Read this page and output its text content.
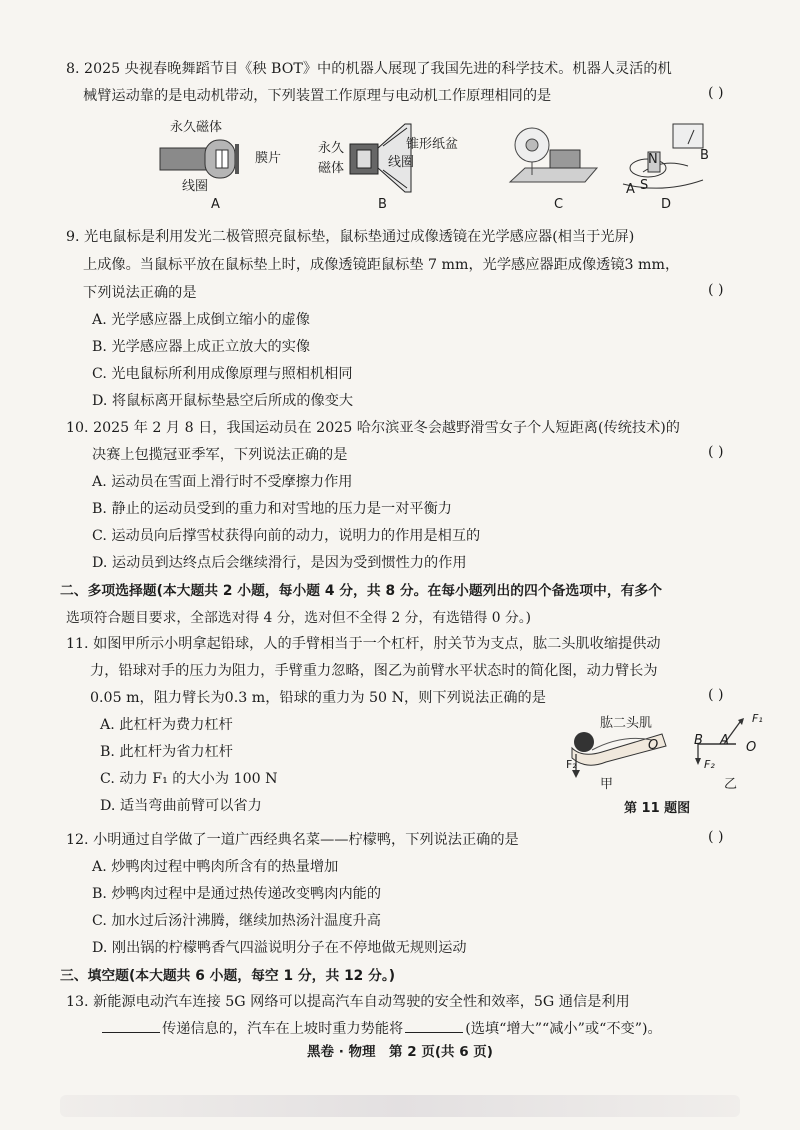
8. 2025 央视春晚舞蹈节目《秧 BOT》中的机器人展现了我国先进的科学技术。机器人灵活的机
械臂运动靠的是电动机带动，下列装置工作原理与电动机工作原理相同的是	( )
永久磁体
膜片
线圈
A
永久
磁体
锥形纸盆
线圈
B	C
N
S
A
B
D
9. 光电鼠标是利用发光二极管照亮鼠标垫，鼠标垫通过成像透镜在光学感应器(相当于光屏)
上成像。当鼠标平放在鼠标垫上时，成像透镜距鼠标垫 7 mm，光学感应器距成像透镜3 mm，
下列说法正确的是	( )
A. 光学感应器上成倒立缩小的虚像
B. 光学感应器上成正立放大的实像
C. 光电鼠标所利用成像原理与照相机相同
D. 将鼠标离开鼠标垫悬空后所成的像变大
10. 2025 年 2 月 8 日，我国运动员在 2025 哈尔滨亚冬会越野滑雪女子个人短距离(传统技术)的
决赛上包揽冠亚季军，下列说法正确的是	( )
A. 运动员在雪面上滑行时不受摩擦力作用
B. 静止的运动员受到的重力和对雪地的压力是一对平衡力
C. 运动员向后撑雪杖获得向前的动力，说明力的作用是相互的
D. 运动员到达终点后会继续滑行，是因为受到惯性力的作用
二、多项选择题(本大题共 2 小题，每小题 4 分，共 8 分。在每小题列出的四个备选项中，有多个
选项符合题目要求，全部选对得 4 分，选对但不全得 2 分，有选错得 0 分。)
11. 如图甲所示小明拿起铅球，人的手臂相当于一个杠杆，肘关节为支点，肱二头肌收缩提供动
力，铅球对手的压力为阻力，手臂重力忽略，图乙为前臂水平状态时的简化图，动力臂长为
0.05 m，阻力臂长为0.3 m，铅球的重力为 50 N，则下列说法正确的是	( )
A. 此杠杆为费力杠杆
B. 此杠杆为省力杠杆
C. 动力 F₁ 的大小为 100 N
D. 适当弯曲前臂可以省力
肱二头肌
F₂
O
甲
B A
F₁
O
F₂
乙
第 11 题图
12. 小明通过自学做了一道广西经典名菜——柠檬鸭，下列说法正确的是	( )
A. 炒鸭肉过程中鸭肉所含有的热量增加
B. 炒鸭肉过程中是通过热传递改变鸭肉内能的
C. 加水过后汤汁沸腾，继续加热汤汁温度升高
D. 刚出锅的柠檬鸭香气四溢说明分子在不停地做无规则运动
三、填空题(本大题共 6 小题，每空 1 分，共 12 分。)
13. 新能源电动汽车连接 5G 网络可以提高汽车自动驾驶的安全性和效率，5G 通信是利用
传递信息的，汽车在上坡时重力势能将	(选填“增大”“减小”或“不变”)。
黑卷 · 物理　第 2 页(共 6 页)
